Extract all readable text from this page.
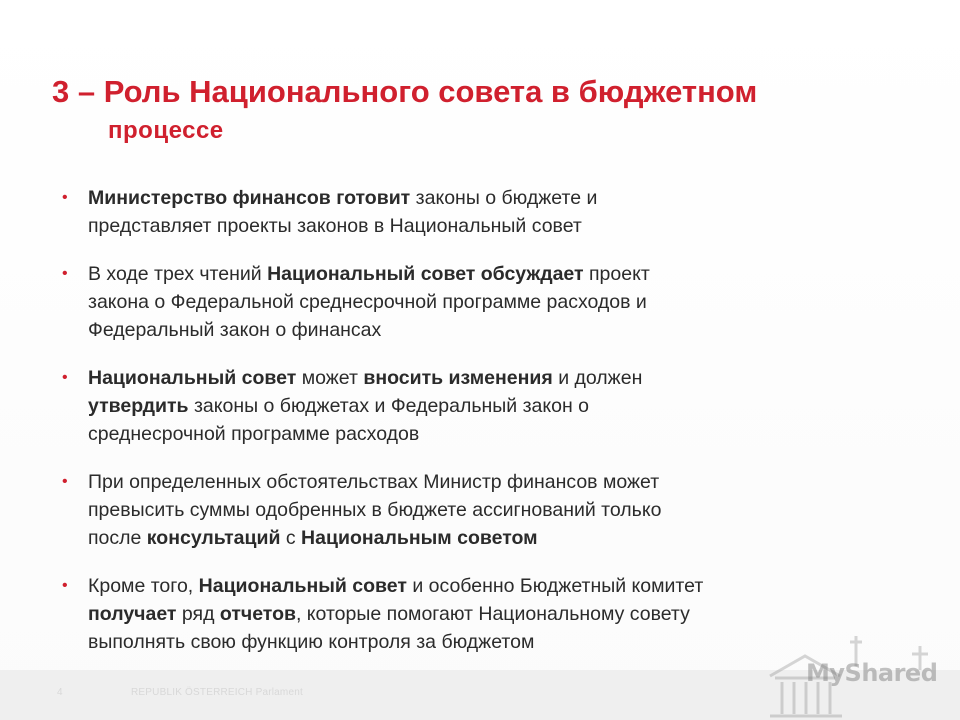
3 – Роль Национального совета в бюджетном
процессе
• Министерство финансов готовит законы о бюджете и
представляет проекты законов в Национальный совет
• В ходе трех чтений Национальный совет обсуждает проект
закона о Федеральной среднесрочной программе расходов и
Федеральный закон о финансах
• Национальный совет может вносить изменения и должен
утвердить законы о бюджетах и Федеральный закон о
среднесрочной программе расходов
• При определенных обстоятельствах Министр финансов может
превысить суммы одобренных в бюджете ассигнований только
после консультаций с Национальным советом
• Кроме того, Национальный совет и особенно Бюджетный комитет
получает ряд отчетов, которые помогают Национальному совету
выполнять свою функцию контроля за бюджетом
4	REPUBLIK ÖSTERREICH Parlament
MyShared
